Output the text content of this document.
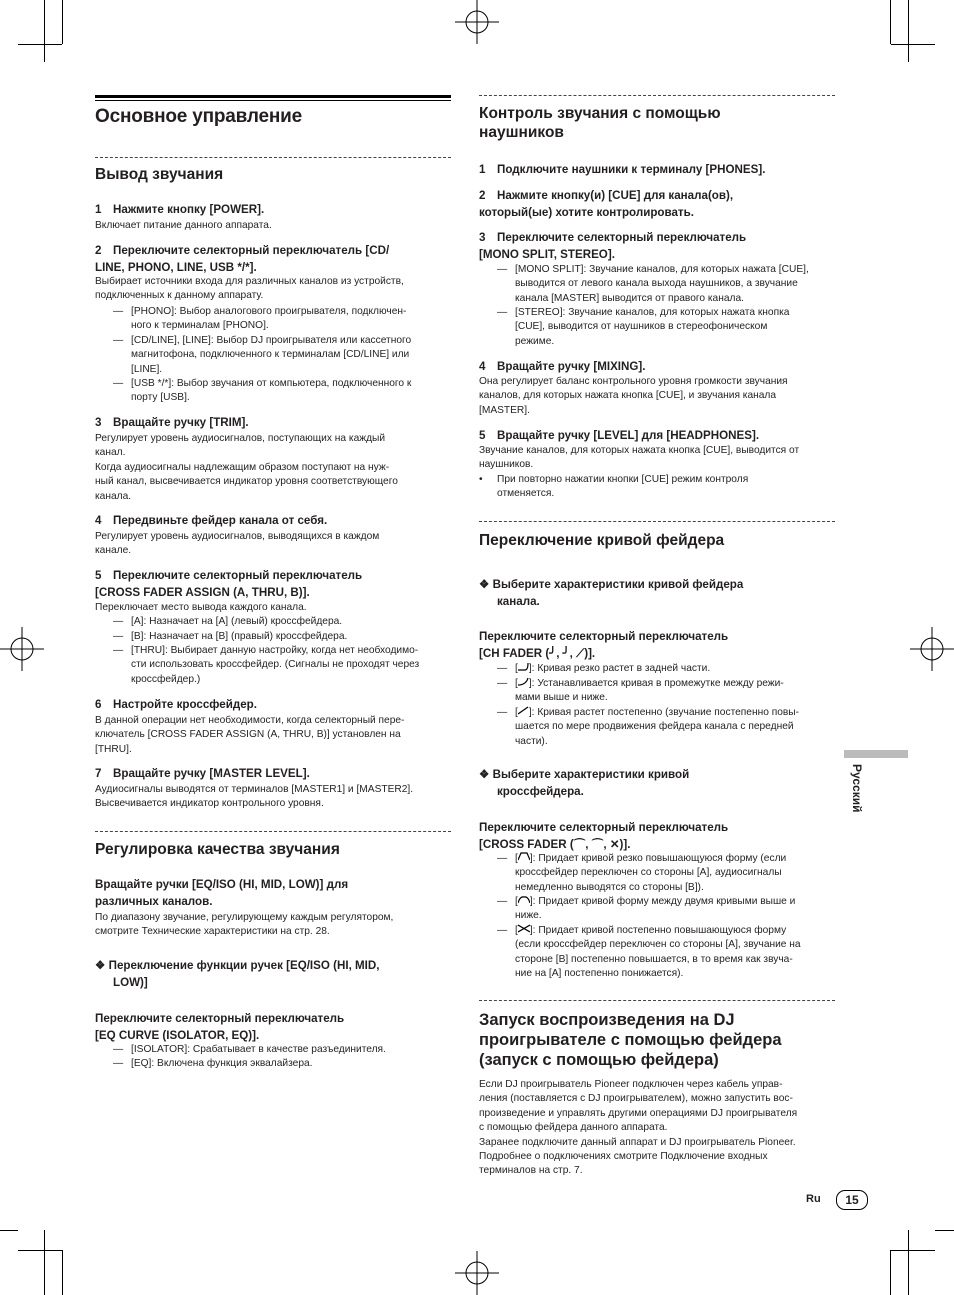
Основное управление
Вывод звучания
1 Нажмите кнопку [POWER].
Включает питание данного аппарата.
2 Переключите селекторный переключатель [CD/
LINE, PHONO, LINE, USB */*].
Выбирает источники входа для различных каналов из устройств,
подключенных к данному аппарату.
— [PHONO]: Выбор аналогового проигрывателя, подключен-
ного к терминалам [PHONO].
— [CD/LINE], [LINE]: Выбор DJ проигрывателя или кассетного
магнитофона, подключенного к терминалам [CD/LINE] или
[LINE].
— [USB */*]: Выбор звучания от компьютера, подключенного к
порту [USB].
3 Вращайте ручку [TRIM].
Регулирует уровень аудиосигналов, поступающих на каждый
канал.
Когда аудиосигналы надлежащим образом поступают на нуж-
ный канал, высвечивается индикатор уровня соответствующего
канала.
4 Передвиньте фейдер канала от себя.
Регулирует уровень аудиосигналов, выводящихся в каждом
канале.
5 Переключите селекторный переключатель
[CROSS FADER ASSIGN (A, THRU, B)].
Переключает место вывода каждого канала.
— [A]: Назначает на [A] (левый) кроссфейдера.
— [B]: Назначает на [B] (правый) кроссфейдера.
— [THRU]: Выбирает данную настройку, когда нет необходимо-
сти использовать кроссфейдер. (Сигналы не проходят через
кроссфейдер.)
6 Настройте кроссфейдер.
В данной операции нет необходимости, когда селекторный пере-
ключатель [CROSS FADER ASSIGN (A, THRU, B)] установлен на
[THRU].
7 Вращайте ручку [MASTER LEVEL].
Аудиосигналы выводятся от терминалов [MASTER1] и [MASTER2].
Высвечивается индикатор контрольного уровня.
Регулировка качества звучания
Вращайте ручки [EQ/ISO (HI, MID, LOW)] для
различных каналов.
По диапазону звучание, регулирующему каждым регулятором,
смотрите Технические характеристики на стр. 28.
❖ Переключение функции ручек [EQ/ISO (HI, MID,
LOW)]
Переключите селекторный переключатель
[EQ CURVE (ISOLATOR, EQ)].
— [ISOLATOR]: Срабатывает в качестве разъединителя.
— [EQ]: Включена функция эквалайзера.
Контроль звучания с помощью
наушников
1 Подключите наушники к терминалу [PHONES].
2 Нажмите кнопку(и) [CUE] для канала(ов),
который(ые) хотите контролировать.
3 Переключите селекторный переключатель
[MONO SPLIT, STEREO].
— [MONO SPLIT]: Звучание каналов, для которых нажата [CUE],
выводится от левого канала выхода наушников, а звучание
канала [MASTER] выводится от правого канала.
— [STEREO]: Звучание каналов, для которых нажата кнопка
[CUE], выводится от наушников в стереофоническом
режиме.
4 Вращайте ручку [MIXING].
Она регулирует баланс контрольного уровня громкости звучания
каналов, для которых нажата кнопка [CUE], и звучания канала
[MASTER].
5 Вращайте ручку [LEVEL] для [HEADPHONES].
Звучание каналов, для которых нажата кнопка [CUE], выводится от
наушников.
• При повторно нажатии кнопки [CUE] режим контроля
отменяется.
Переключение кривой фейдера
❖ Выберите характеристики кривой фейдера
канала.
Переключите селекторный переключатель
[CH FADER (╯, ╯, ⟋)].
— [ ]: Кривая резко растет в задней части.
— [ ]: Устанавливается кривая в промежутке между режи-
мами выше и ниже.
— [ ]: Кривая растет постепенно (звучание постепенно повы-
шается по мере продвижения фейдера канала с передней
части).
❖ Выберите характеристики кривой
кроссфейдера.
Переключите селекторный переключатель
[CROSS FADER (⌒, ⌒, ✕)].
— [ ]: Придает кривой резко повышающуюся форму (если
кроссфейдер переключен со стороны [A], аудиосигналы
немедленно выводятся со стороны [B]).
— [ ]: Придает кривой форму между двумя кривыми выше и
ниже.
— [ ]: Придает кривой постепенно повышающуюся форму
(если кроссфейдер переключен со стороны [A], звучание на
стороне [B] постепенно повышается, в то время как звуча-
ние на [A] постепенно понижается).
Запуск воспроизведения на DJ
проигрывателе с помощью фейдера
(запуск с помощью фейдера)
Если DJ проигрыватель Pioneer подключен через кабель управ-
ления (поставляется с DJ проигрывателем), можно запустить вос-
произведение и управлять другими операциями DJ проигрывателя
с помощью фейдера данного аппарата.
Заранее подключите данный аппарат и DJ проигрыватель Pioneer.
Подробнее о подключениях смотрите Подключение входных
терминалов на стр. 7.
Русский
Ru	15
